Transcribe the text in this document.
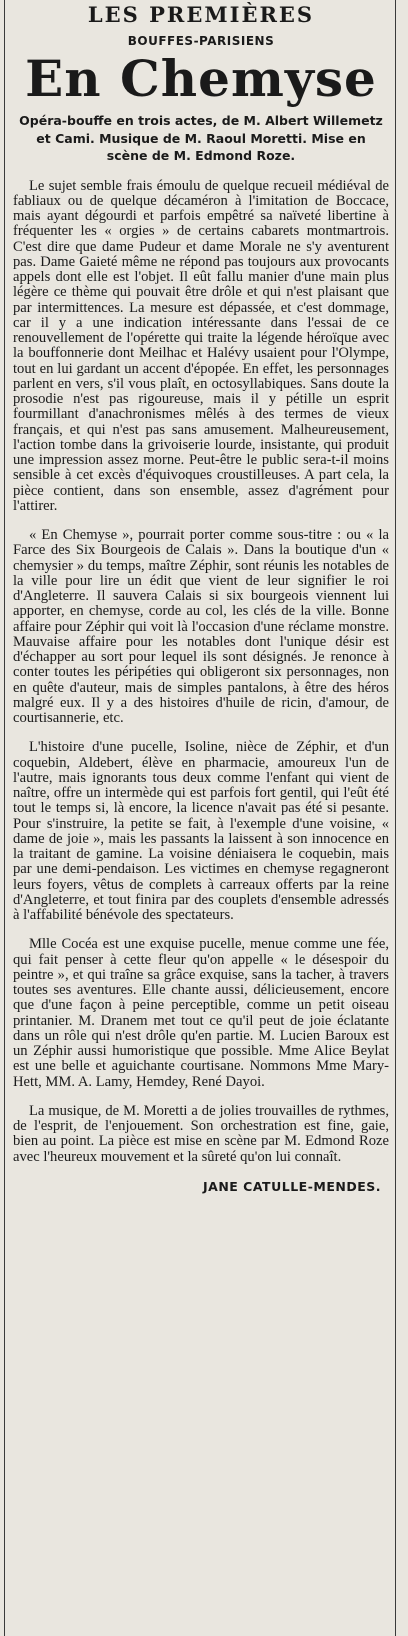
LES PREMIÈRES
BOUFFES-PARISIENS
En Chemyse
Opéra-bouffe en trois actes, de M. Albert Willemetz et Cami. Musique de M. Raoul Moretti. Mise en scène de M. Edmond Roze.

Le sujet semble frais émoulu de quelque recueil médiéval de fabliaux ou de quelque décaméron à l'imitation de Boccace, mais ayant dégourdi et parfois empêtré sa naïveté libertine à fréquenter les « orgies » de certains cabarets montmartrois. C'est dire que dame Pudeur et dame Morale ne s'y aventurent pas. Dame Gaieté même ne répond pas toujours aux provocants appels dont elle est l'objet. Il eût fallu manier d'une main plus légère ce thème qui pouvait être drôle et qui n'est plaisant que par intermittences. La mesure est dépassée, et c'est dommage, car il y a une indication intéressante dans l'essai de ce renouvellement de l'opérette qui traite la légende héroïque avec la bouffonnerie dont Meilhac et Halévy usaient pour l'Olympe, tout en lui gardant un accent d'épopée. En effet, les personnages parlent en vers, s'il vous plaît, en octosyllabiques. Sans doute la prosodie n'est pas rigoureuse, mais il y pétille un esprit fourmillant d'anachronismes mêlés à des termes de vieux français, et qui n'est pas sans amusement. Malheureusement, l'action tombe dans la grivoiserie lourde, insistante, qui produit une impression assez morne. Peut-être le public sera-t-il moins sensible à cet excès d'équivoques croustilleuses. A part cela, la pièce contient, dans son ensemble, assez d'agrément pour l'attirer.

« En Chemyse », pourrait porter comme sous-titre : ou « la Farce des Six Bourgeois de Calais ». Dans la boutique d'un « chemysier » du temps, maître Zéphir, sont réunis les notables de la ville pour lire un édit que vient de leur signifier le roi d'Angleterre. Il sauvera Calais si six bourgeois viennent lui apporter, en chemyse, corde au col, les clés de la ville. Bonne affaire pour Zéphir qui voit là l'occasion d'une réclame monstre. Mauvaise affaire pour les notables dont l'unique désir est d'échapper au sort pour lequel ils sont désignés. Je renonce à conter toutes les péripéties qui obligeront six personnages, non en quête d'auteur, mais de simples pantalons, à être des héros malgré eux. Il y a des histoires d'huile de ricin, d'amour, de courtisannerie, etc.

L'histoire d'une pucelle, Isoline, nièce de Zéphir, et d'un coquebin, Aldebert, élève en pharmacie, amoureux l'un de l'autre, mais ignorants tous deux comme l'enfant qui vient de naître, offre un intermède qui est parfois fort gentil, qui l'eût été tout le temps si, là encore, la licence n'avait pas été si pesante. Pour s'instruire, la petite se fait, à l'exemple d'une voisine, « dame de joie », mais les passants la laissent à son innocence en la traitant de gamine. La voisine déniaisera le coquebin, mais par une demi-pendaison. Les victimes en chemyse regagneront leurs foyers, vêtus de complets à carreaux offerts par la reine d'Angleterre, et tout finira par des couplets d'ensemble adressés à l'affabilité bénévole des spectateurs.

Mlle Cocéa est une exquise pucelle, menue comme une fée, qui fait penser à cette fleur qu'on appelle « le désespoir du peintre », et qui traîne sa grâce exquise, sans la tacher, à travers toutes ses aventures. Elle chante aussi, délicieusement, encore que d'une façon à peine perceptible, comme un petit oiseau printanier. M. Dranem met tout ce qu'il peut de joie éclatante dans un rôle qui n'est drôle qu'en partie. M. Lucien Baroux est un Zéphir aussi humoristique que possible. Mme Alice Beylat est une belle et aguichante courtisane. Nommons Mme Mary-Hett, MM. A. Lamy, Hemdey, René Dayoi.

La musique, de M. Moretti a de jolies trouvailles de rythmes, de l'esprit, de l'enjouement. Son orchestration est fine, gaie, bien au point. La pièce est mise en scène par M. Edmond Roze avec l'heureux mouvement et la sûreté qu'on lui connaît.

JANE CATULLE-MENDES.
